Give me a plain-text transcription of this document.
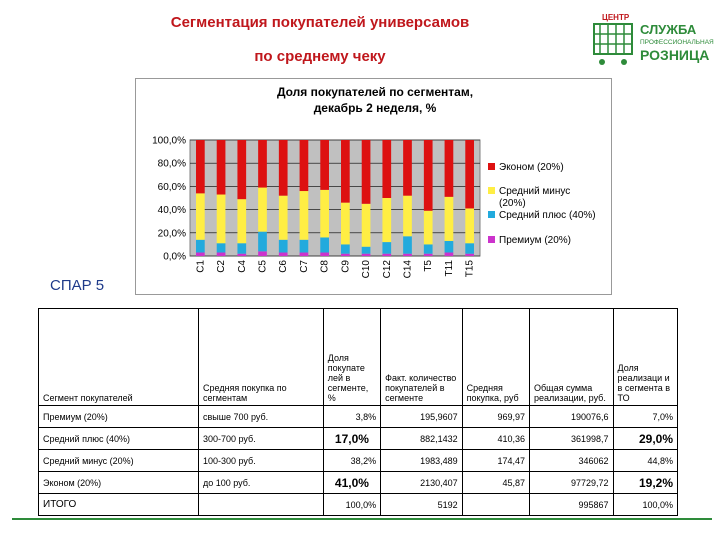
Сегментация покупателей универсамов
по среднему чеку
ЦЕНТР
СЛУЖБА
ПРОФЕССИОНАЛЬНАЯ
РОЗНИЦА
Доля покупателей по сегментам,
декабрь 2 неделя, %
0,0%
20,0%
40,0%
60,0%
80,0%
100,0%
С1 С2 С4 С5 С6 С7 С8 С9 С10 С12 С14 Т5 Т11 Т15
Эконом (20%)
Средний минус
(20%)
Средний плюс (40%)
Премиум (20%)
СПАР 5
Сегмент покупателей	Средняя покупка по сегментам	Доля покупате лей в сегменте, %	Факт. количество покупателей в сегменте	Средняя покупка, руб	Общая сумма реализации, руб.	Доля реализаци и в сегмента в ТО
Премиум (20%)	свыше 700 руб.	3,8%	195,9607	969,97	190076,6	7,0%
Средний плюс (40%)	300-700 руб.	17,0%	882,1432	410,36	361998,7	29,0%
Средний минус (20%)	100-300 руб.	38,2%	1983,489	174,47	346062	44,8%
Эконом (20%)	до 100 руб.	41,0%	2130,407	45,87	97729,72	19,2%
ИТОГО		100,0%	5192		995867	100,0%
